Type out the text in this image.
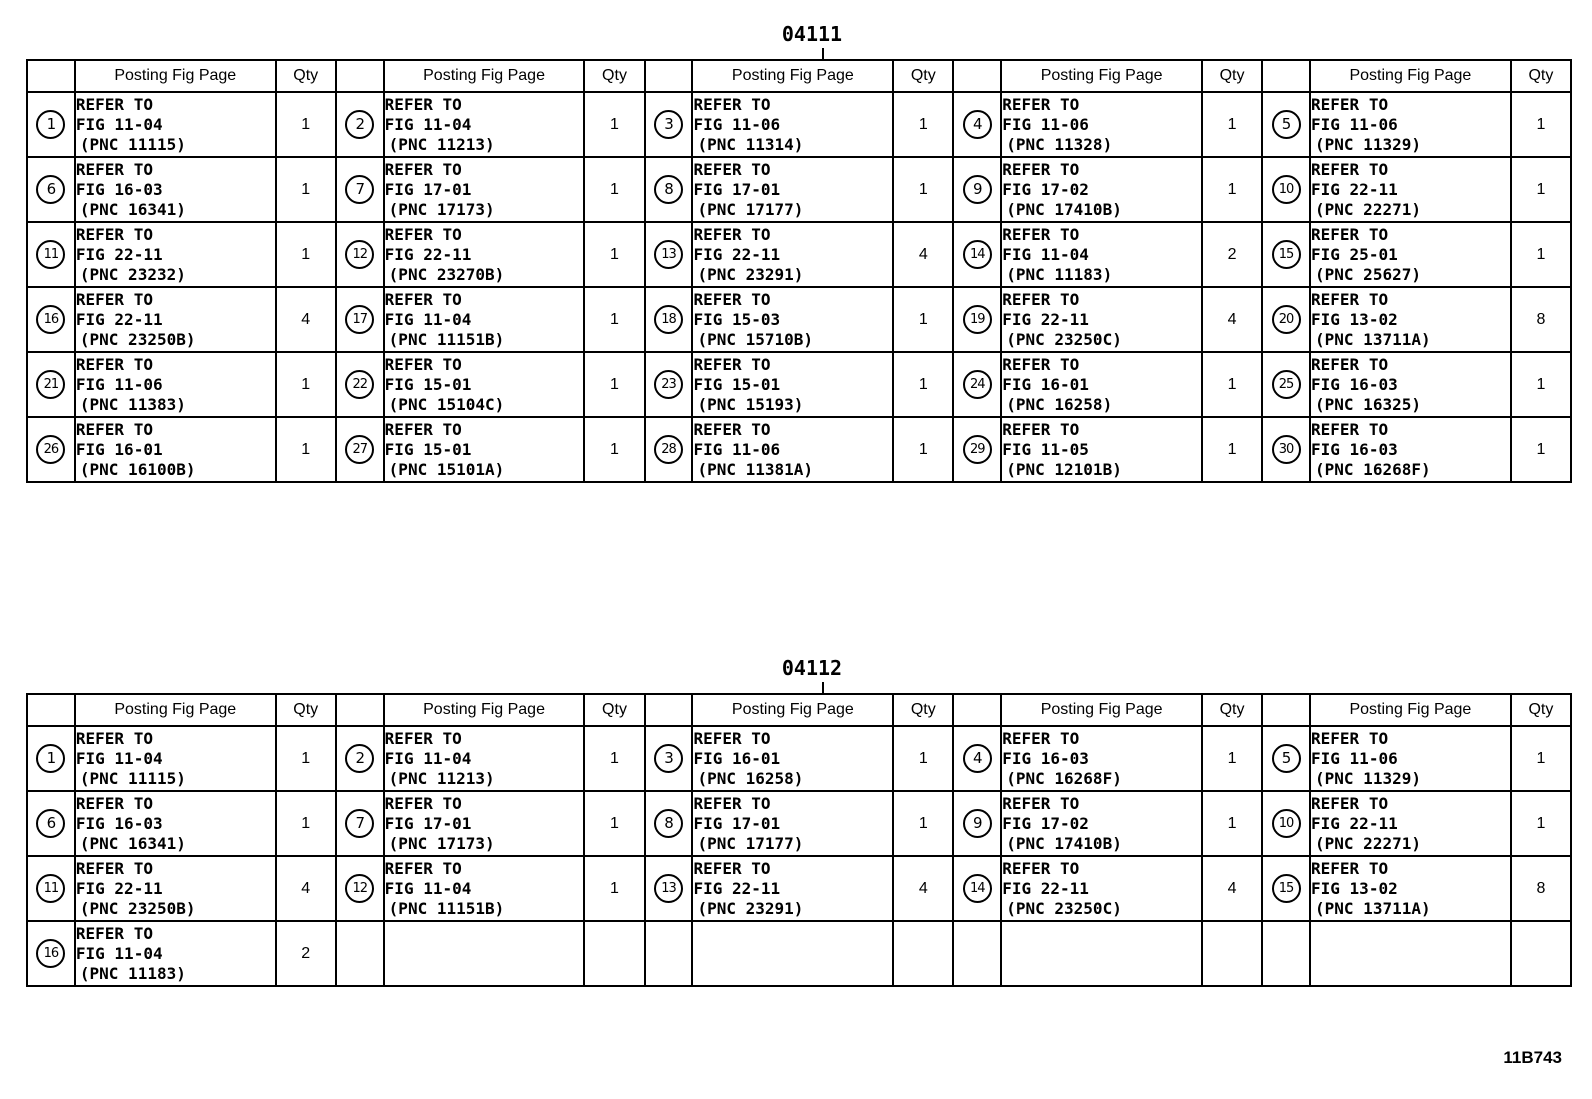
04111
	Posting Fig Page	Qty		Posting Fig Page	Qty		Posting Fig Page	Qty		Posting Fig Page	Qty		Posting Fig Page	Qty
1	REFER TO
FIG 11-04
(PNC 11115)	1	2	REFER TO
FIG 11-04
(PNC 11213)	1	3	REFER TO
FIG 11-06
(PNC 11314)	1	4	REFER TO
FIG 11-06
(PNC 11328)	1	5	REFER TO
FIG 11-06
(PNC 11329)	1
6	REFER TO
FIG 16-03
(PNC 16341)	1	7	REFER TO
FIG 17-01
(PNC 17173)	1	8	REFER TO
FIG 17-01
(PNC 17177)	1	9	REFER TO
FIG 17-02
(PNC 17410B)	1	10	REFER TO
FIG 22-11
(PNC 22271)	1
11	REFER TO
FIG 22-11
(PNC 23232)	1	12	REFER TO
FIG 22-11
(PNC 23270B)	1	13	REFER TO
FIG 22-11
(PNC 23291)	4	14	REFER TO
FIG 11-04
(PNC 11183)	2	15	REFER TO
FIG 25-01
(PNC 25627)	1
16	REFER TO
FIG 22-11
(PNC 23250B)	4	17	REFER TO
FIG 11-04
(PNC 11151B)	1	18	REFER TO
FIG 15-03
(PNC 15710B)	1	19	REFER TO
FIG 22-11
(PNC 23250C)	4	20	REFER TO
FIG 13-02
(PNC 13711A)	8
21	REFER TO
FIG 11-06
(PNC 11383)	1	22	REFER TO
FIG 15-01
(PNC 15104C)	1	23	REFER TO
FIG 15-01
(PNC 15193)	1	24	REFER TO
FIG 16-01
(PNC 16258)	1	25	REFER TO
FIG 16-03
(PNC 16325)	1
26	REFER TO
FIG 16-01
(PNC 16100B)	1	27	REFER TO
FIG 15-01
(PNC 15101A)	1	28	REFER TO
FIG 11-06
(PNC 11381A)	1	29	REFER TO
FIG 11-05
(PNC 12101B)	1	30	REFER TO
FIG 16-03
(PNC 16268F)	1
04112
	Posting Fig Page	Qty		Posting Fig Page	Qty		Posting Fig Page	Qty		Posting Fig Page	Qty		Posting Fig Page	Qty
1	REFER TO
FIG 11-04
(PNC 11115)	1	2	REFER TO
FIG 11-04
(PNC 11213)	1	3	REFER TO
FIG 16-01
(PNC 16258)	1	4	REFER TO
FIG 16-03
(PNC 16268F)	1	5	REFER TO
FIG 11-06
(PNC 11329)	1
6	REFER TO
FIG 16-03
(PNC 16341)	1	7	REFER TO
FIG 17-01
(PNC 17173)	1	8	REFER TO
FIG 17-01
(PNC 17177)	1	9	REFER TO
FIG 17-02
(PNC 17410B)	1	10	REFER TO
FIG 22-11
(PNC 22271)	1
11	REFER TO
FIG 22-11
(PNC 23250B)	4	12	REFER TO
FIG 11-04
(PNC 11151B)	1	13	REFER TO
FIG 22-11
(PNC 23291)	4	14	REFER TO
FIG 22-11
(PNC 23250C)	4	15	REFER TO
FIG 13-02
(PNC 13711A)	8
16	REFER TO
FIG 11-04
(PNC 11183)	2												
11B743
